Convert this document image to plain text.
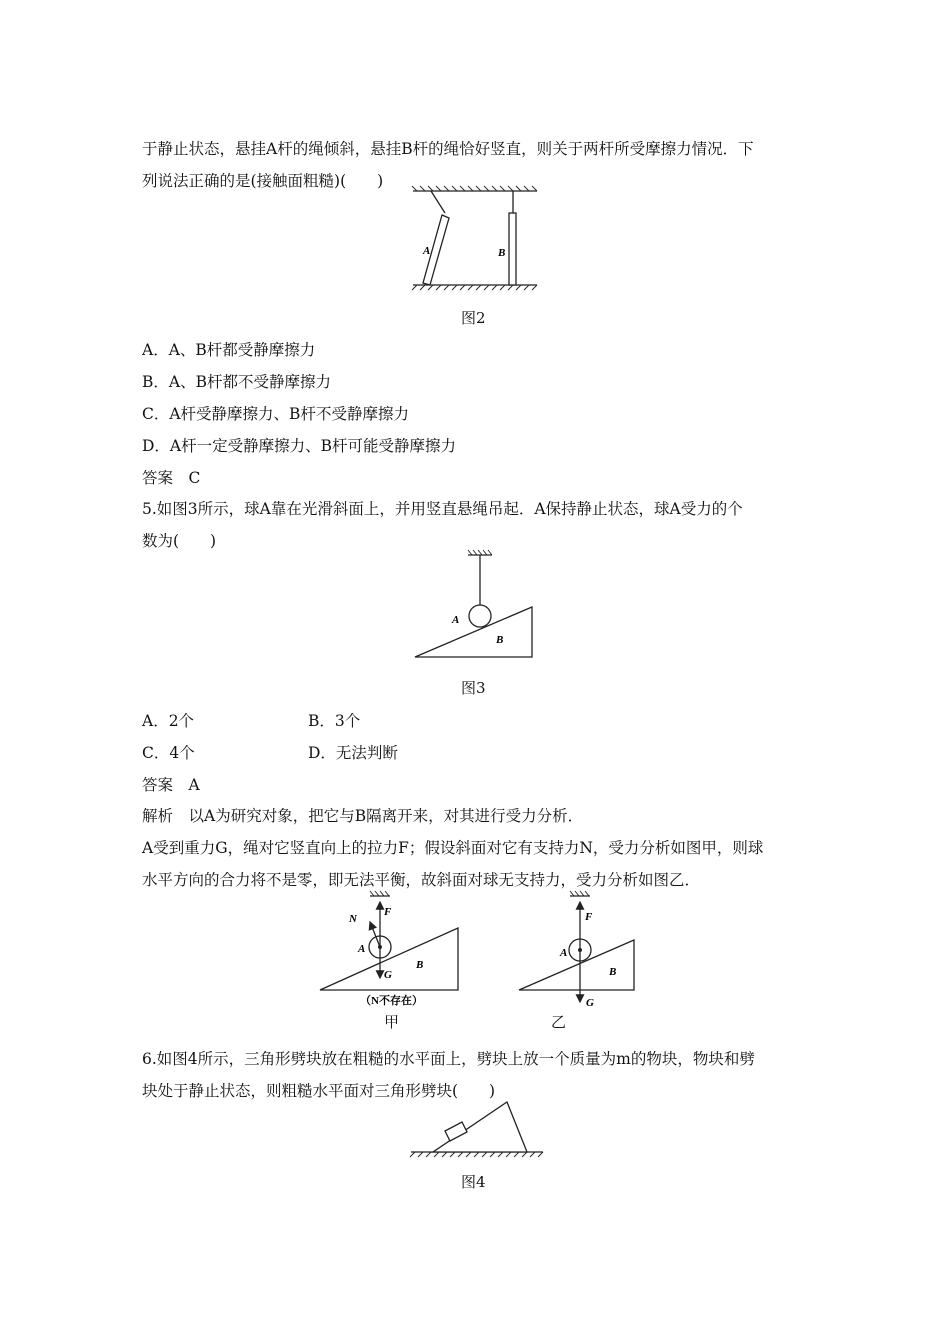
于静止状态，悬挂A杆的绳倾斜，悬挂B杆的绳恰好竖直，则关于两杆所受摩擦力情况．下
列说法正确的是(接触面粗糙)(　　)
A	B
图2
A．A、B杆都受静摩擦力
B．A、B杆都不受静摩擦力
C．A杆受静摩擦力、B杆不受静摩擦力
D．A杆一定受静摩擦力、B杆可能受静摩擦力
答案　C
5.如图3所示，球A靠在光滑斜面上，并用竖直悬绳吊起．A保持静止状态，球A受力的个
数为(　　)
A
B
图3
A．2个	B．3个
C．4个	D．无法判断
答案　A
解析　以A为研究对象，把它与B隔离开来，对其进行受力分析．
A受到重力G，绳对它竖直向上的拉力F；假设斜面对它有支持力N，受力分析如图甲，则球
水平方向的合力将不是零，即无法平衡，故斜面对球无支持力，受力分析如图乙．
N
F
A
G
B
（N不存在）
甲
F
A
B
G
乙
6.如图4所示，三角形劈块放在粗糙的水平面上，劈块上放一个质量为m的物块，物块和劈
块处于静止状态，则粗糙水平面对三角形劈块(　　)
图4
